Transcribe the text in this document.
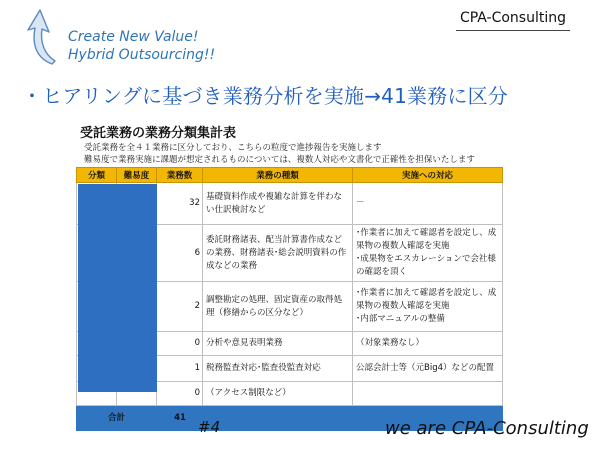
Create New Value!
Hybrid Outsourcing!!
CPA-Consulting
・ヒアリングに基づき業務分析を実施→41業務に区分
受託業務の業務分類集計表
受託業務を全４１業務に区分しており、こちらの粒度で進捗報告を実施します
難易度で業務実施に課題が想定されるものについては、複数人対応や文書化で正確性を担保いたします
分類	難易度	業務数	業務の種類	実施への対応
		32	基礎資料作成や複雑な計算を伴わない仕訳検討など	－
		6	委託財務諸表、配当計算書作成などの業務、財務諸表･総会説明資料の作成などの業務	･作業者に加えて確認者を設定し、成果物の複数人確認を実施
･成果物をエスカレーションで会社様の確認を頂く
		2	調整勘定の処理、固定資産の取得処理（修繕からの区分など）	･作業者に加えて確認者を設定し、成果物の複数人確認を実施
･内部マニュアルの整備
		0	分析や意見表明業務	（対象業務なし）
		1	税務監査対応･監査役監査対応	公認会計士等（元Big4）などの配置
		0	（アクセス制限など）	
合計		41		
#4	we are CPA-Consulting
